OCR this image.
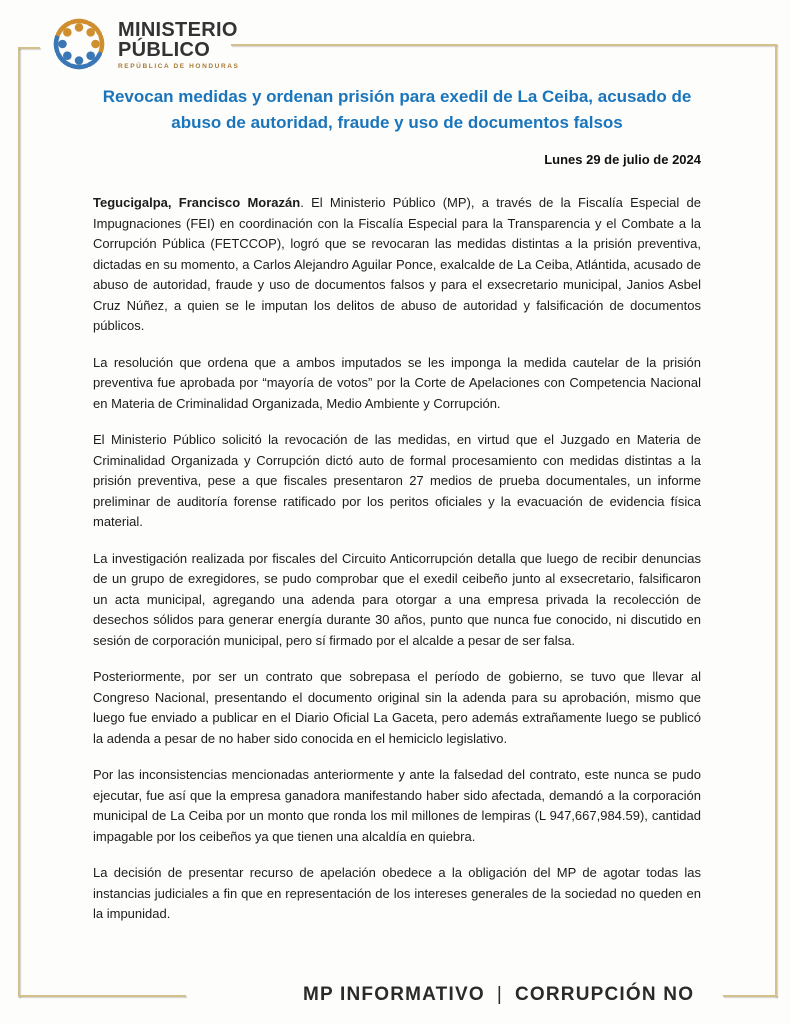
MINISTERIO
PÚBLICO
REPÚBLICA DE HONDURAS
Revocan medidas y ordenan prisión para exedil de La Ceiba, acusado de abuso de autoridad, fraude y uso de documentos falsos
Lunes 29 de julio de 2024

Tegucigalpa, Francisco Morazán. El Ministerio Público (MP), a través de la Fiscalía Especial de Impugnaciones (FEI) en coordinación con la Fiscalía Especial para la Transparencia y el Combate a la Corrupción Pública (FETCCOP), logró que se revocaran las medidas distintas a la prisión preventiva, dictadas en su momento, a Carlos Alejandro Aguilar Ponce, exalcalde de La Ceiba, Atlántida, acusado de abuso de autoridad, fraude y uso de documentos falsos y para el exsecretario municipal, Janios Asbel Cruz Núñez, a quien se le imputan los delitos de abuso de autoridad y falsificación de documentos públicos.

La resolución que ordena que a ambos imputados se les imponga la medida cautelar de la prisión preventiva fue aprobada por “mayoría de votos” por la Corte de Apelaciones con Competencia Nacional en Materia de Criminalidad Organizada, Medio Ambiente y Corrupción.

El Ministerio Público solicitó la revocación de las medidas, en virtud que el Juzgado en Materia de Criminalidad Organizada y Corrupción dictó auto de formal procesamiento con medidas distintas a la prisión preventiva, pese a que fiscales presentaron 27 medios de prueba documentales, un informe preliminar de auditoría forense ratificado por los peritos oficiales y la evacuación de evidencia física material.

La investigación realizada por fiscales del Circuito Anticorrupción detalla que luego de recibir denuncias de un grupo de exregidores, se pudo comprobar que el exedil ceibeño junto al exsecretario, falsificaron un acta municipal, agregando una adenda para otorgar a una empresa privada la recolección de desechos sólidos para generar energía durante 30 años, punto que nunca fue conocido, ni discutido en sesión de corporación municipal, pero sí firmado por el alcalde a pesar de ser falsa.

Posteriormente, por ser un contrato que sobrepasa el período de gobierno, se tuvo que llevar al Congreso Nacional, presentando el documento original sin la adenda para su aprobación, mismo que luego fue enviado a publicar en el Diario Oficial La Gaceta, pero además extrañamente luego se publicó la adenda a pesar de no haber sido conocida en el hemiciclo legislativo.

Por las inconsistencias mencionadas anteriormente y ante la falsedad del contrato, este nunca se pudo ejecutar, fue así que la empresa ganadora manifestando haber sido afectada, demandó a la corporación municipal de La Ceiba por un monto que ronda los mil millones de lempiras (L 947,667,984.59), cantidad impagable por los ceibeños ya que tienen una alcaldía en quiebra.

La decisión de presentar recurso de apelación obedece a la obligación del MP de agotar todas las instancias judiciales a fin que en representación de los intereses generales de la sociedad no queden en la impunidad.

MP INFORMATIVO | CORRUPCIÓN NO
